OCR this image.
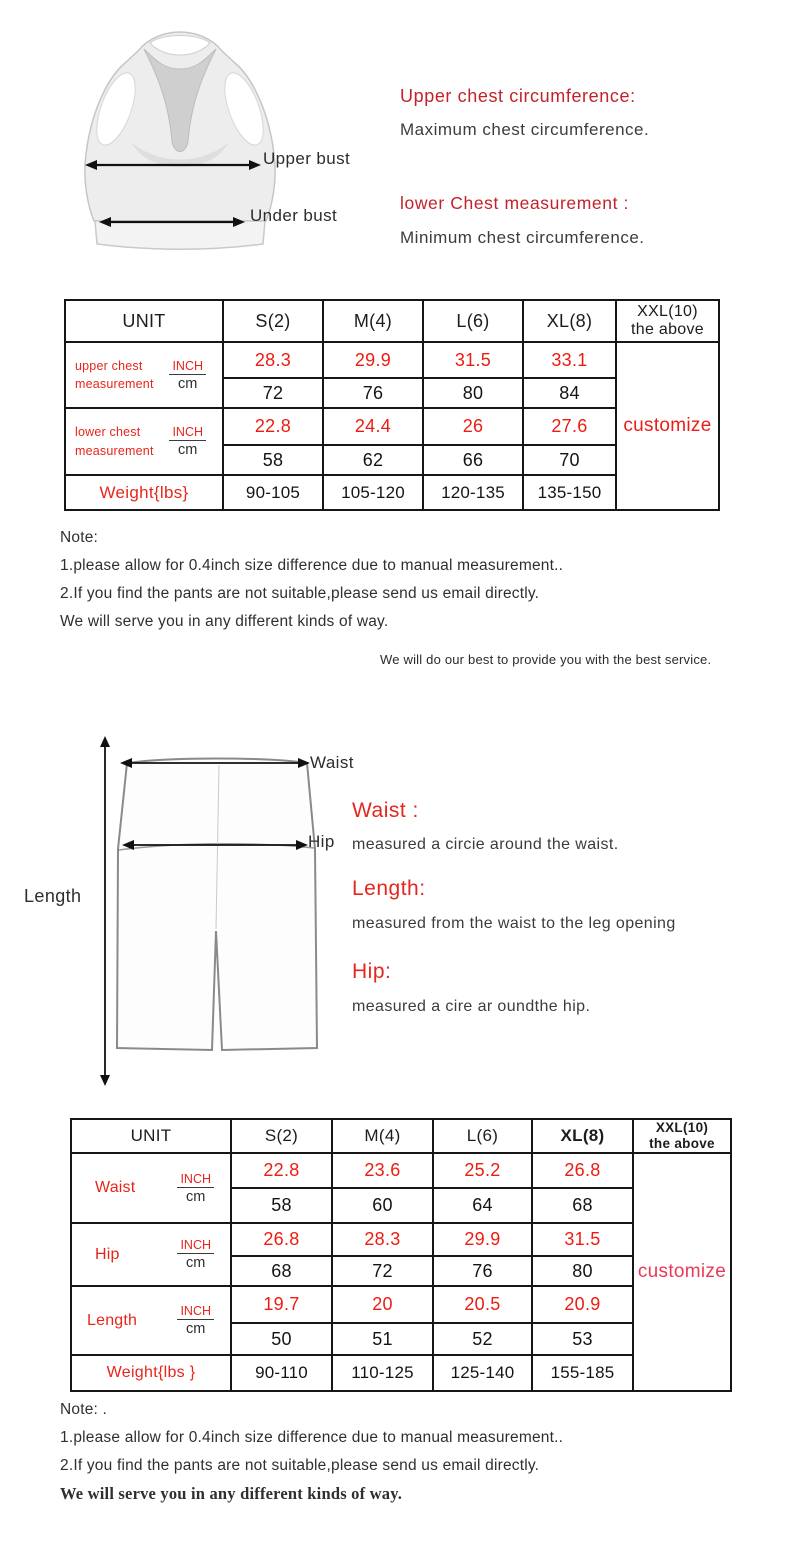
Upper bust
Under bust
Upper chest circumference:
Maximum chest circumference.
lower Chest measurement :
Minimum chest circumference.
UNIT	S(2)	M(4)	L(6)	XL(8)	XXL(10)
the above

upper chest
measurement $\frac{\text{INCH}}{cm}$	28.3	29.9	31.5	33.1	customize
	72	76	80	84	

lower chest
measurement $\frac{\text{INCH}}{cm}$	22.8	24.4	26	27.6	
	58	62	66	70	
Weight{lbs}	90-105	105-120	120-135	135-150	
Note:
1.please allow for 0.4inch size difference due to manual measurement..
2.If you find the pants are not suitable,please send us email directly.
We will serve you in any different kinds of way.
We will do our best to provide you with the best service.
Waist
Hip
Length
Waist :
measured a circie around the waist.
Length:
measured from the waist to the leg opening
Hip:
measured a cire ar oundthe hip.
UNIT	S(2)	M(4)	L(6)	XL(8)	XXL(10)
the above

Waist $\frac{\text{INCH}}{cm}$	22.8	23.6	25.2	26.8	customize
	58	60	64	68	

Hip $\frac{\text{INCH}}{cm}$	26.8	28.3	29.9	31.5	
	68	72	76	80	

Length $\frac{\text{INCH}}{cm}$	19.7	20	20.5	20.9	
	50	51	52	53	
Weight{lbs }	90-110	110-125	125-140	155-185	
Note: .
1.please allow for 0.4inch size difference due to manual measurement..
2.If you find the pants are not suitable,please send us email directly.
We will serve you in any different kinds of way.
